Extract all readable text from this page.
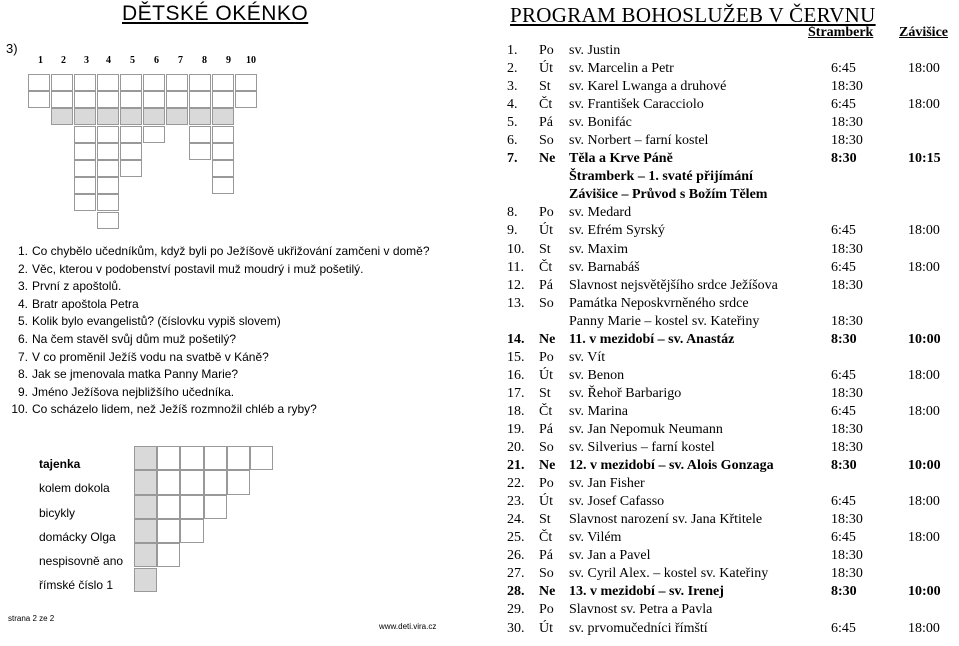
DĚTSKÉ OKÉNKO
3)
1 2 3 4 5 6 7 8 9 10
1. Co chybělo učedníkům, když byli po Ježíšově ukřižování zamčeni v domě?
2. Věc, kterou v podobenství postavil muž moudrý i muž pošetilý.
3. První z apoštolů.
4. Bratr apoštola Petra
5. Kolik bylo evangelistů? (číslovku vypiš slovem)
6. Na čem stavěl svůj dům muž pošetilý?
7. V co proměnil Ježíš vodu na svatbě v Káně?
8. Jak se jmenovala matka Panny Marie?
9. Jméno Ježíšova nejbližšího učedníka.
10. Co scházelo lidem, než Ježíš rozmnožil chléb a ryby?
tajenka
kolem dokola
bicykly
domácky Olga
nespisovně ano
římské číslo 1
strana 2 ze 2
www.deti.vira.cz
PROGRAM BOHOSLUŽEB V ČERVNU
Štramberk Závišice
1. Po sv. Justin
2. Út sv. Marcelin a Petr	6:45	18:00
3. St sv. Karel Lwanga a druhové	18:30
4. Čt sv. František Caracciolo	6:45	18:00
5. Pá sv. Bonifác	18:30
6. So sv. Norbert – farní kostel	18:30
7. Ne Těla a Krve Páně	8:30	10:15
Štramberk – 1. svaté přijímání
Závišice – Průvod s Božím Tělem
8. Po sv. Medard
9. Út sv. Efrém Syrský	6:45	18:00
10. St sv. Maxim	18:30
11. Čt sv. Barnabáš	6:45	18:00
12. Pá Slavnost nejsvětějšího srdce Ježíšova	18:30
13. So Památka Neposkvrněného srdce
Panny Marie – kostel sv. Kateřiny	18:30
14. Ne 11. v mezidobí – sv. Anastáz	8:30	10:00
15. Po sv. Vít
16. Út sv. Benon	6:45	18:00
17. St sv. Řehoř Barbarigo	18:30
18. Čt sv. Marina	6:45	18:00
19. Pá sv. Jan Nepomuk Neumann	18:30
20. So sv. Silverius – farní kostel	18:30
21. Ne 12. v mezidobí – sv. Alois Gonzaga	8:30	10:00
22. Po sv. Jan Fisher
23. Út sv. Josef Cafasso	6:45	18:00
24. St Slavnost narození sv. Jana Křtitele	18:30
25. Čt sv. Vilém	6:45	18:00
26. Pá sv. Jan a Pavel	18:30
27. So sv. Cyril Alex. – kostel sv. Kateřiny	18:30
28. Ne 13. v mezidobí – sv. Irenej	8:30	10:00
29. Po Slavnost sv. Petra a Pavla
30. Út sv. prvomučedníci římští	6:45	18:00
